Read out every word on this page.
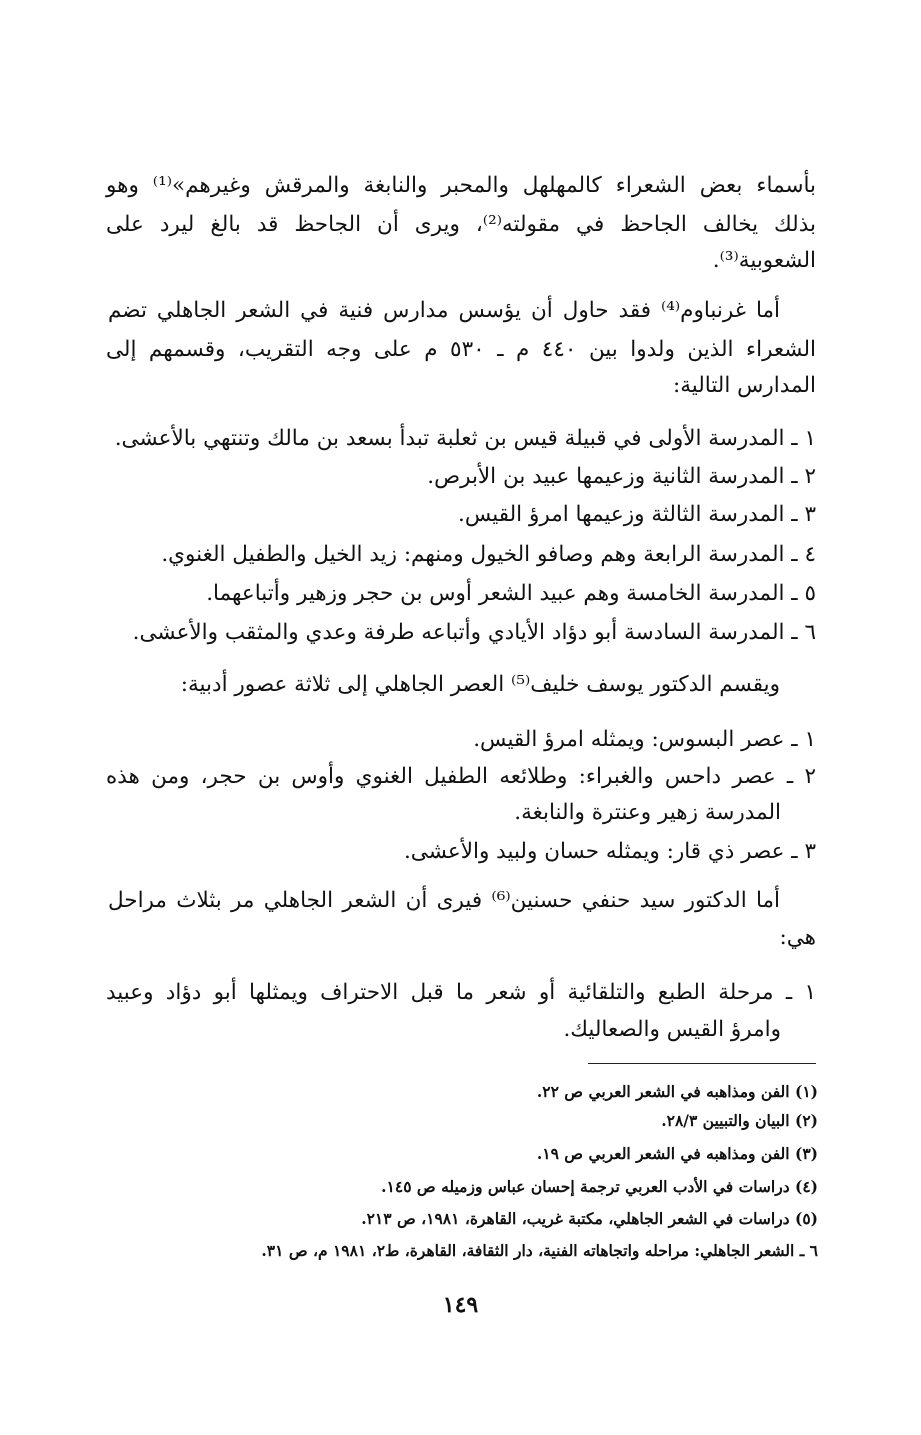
بأسماء بعض الشعراء كالمهلهل والمحبر والنابغة والمرقش وغيرهم»⁽¹⁾ وهو
بذلك يخالف الجاحظ في مقولته⁽²⁾، ويرى أن الجاحظ قد بالغ ليرد على
الشعوبية⁽³⁾.
أما غرنباوم⁽⁴⁾ فقد حاول أن يؤسس مدارس فنية في الشعر الجاهلي تضم
الشعراء الذين ولدوا بين ٤٤٠ م ـ ٥٣٠ م على وجه التقريب، وقسمهم إلى
المدارس التالية:
١ ـ المدرسة الأولى في قبيلة قيس بن ثعلبة تبدأ بسعد بن مالك وتنتهي بالأعشى.
٢ ـ المدرسة الثانية وزعيمها عبيد بن الأبرص.
٣ ـ المدرسة الثالثة وزعيمها امرؤ القيس.
٤ ـ المدرسة الرابعة وهم وصافو الخيول ومنهم: زيد الخيل والطفيل الغنوي.
٥ ـ المدرسة الخامسة وهم عبيد الشعر أوس بن حجر وزهير وأتباعهما.
٦ ـ المدرسة السادسة أبو دؤاد الأيادي وأتباعه طرفة وعدي والمثقب والأعشى.
ويقسم الدكتور يوسف خليف⁽⁵⁾ العصر الجاهلي إلى ثلاثة عصور أدبية:
١ ـ عصر البسوس: ويمثله امرؤ القيس.
٢ ـ عصر داحس والغبراء: وطلائعه الطفيل الغنوي وأوس بن حجر، ومن هذه
المدرسة زهير وعنترة والنابغة.
٣ ـ عصر ذي قار: ويمثله حسان ولبيد والأعشى.
أما الدكتور سيد حنفي حسنين⁽⁶⁾ فيرى أن الشعر الجاهلي مر بثلاث مراحل
هي:
١ ـ مرحلة الطبع والتلقائية أو شعر ما قبل الاحتراف ويمثلها أبو دؤاد وعبيد
وامرؤ القيس والصعاليك.
(١) الفن ومذاهبه في الشعر العربي ص ٢٢.
(٢) البيان والتبيين ٢٨/٣.
(٣) الفن ومذاهبه في الشعر العربي ص ١٩.
(٤) دراسات في الأدب العربي ترجمة إحسان عباس وزميله ص ١٤٥.
(٥) دراسات في الشعر الجاهلي، مكتبة غريب، القاهرة، ١٩٨١، ص ٢١٣.
٦ ـ الشعر الجاهلي: مراحله واتجاهاته الفنية، دار الثقافة، القاهرة، ط٢، ١٩٨١ م، ص ٣١.
١٤٩
